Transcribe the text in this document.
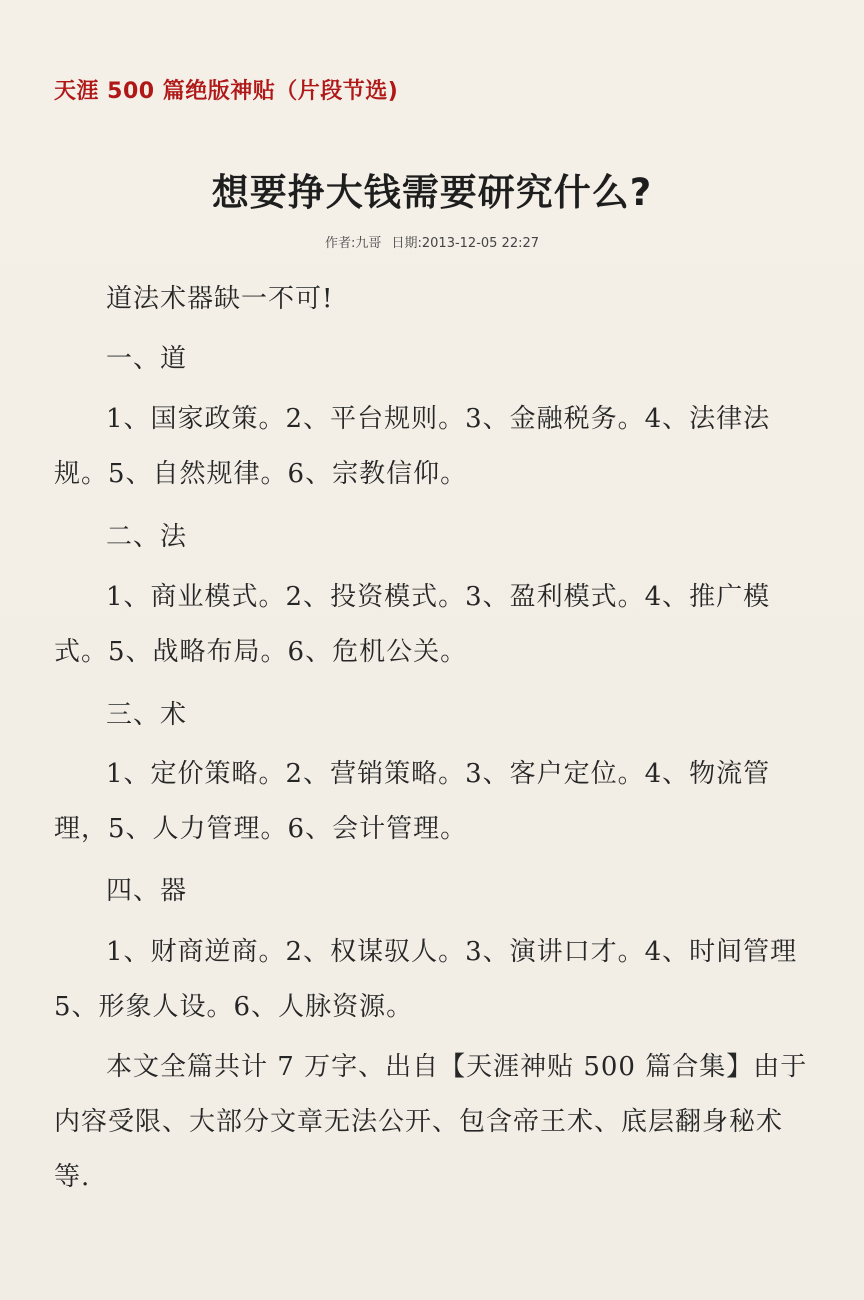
天涯 500 篇绝版神贴（片段节选)
想要挣大钱需要研究什么?
作者:九哥 日期:2013-12-05 22:27

道法术器缺一不可!

一、道

1、国家政策。2、平台规则。3、金融税务。4、法律法规。5、自然规律。6、宗教信仰。

二、法

1、商业模式。2、投资模式。3、盈利模式。4、推广模式。5、战略布局。6、危机公关。

三、术

1、定价策略。2、营销策略。3、客户定位。4、物流管理，5、人力管理。6、会计管理。

四、器

1、财商逆商。2、权谋驭人。3、演讲口才。4、时间管理 5、形象人设。6、人脉资源。

本文全篇共计 7 万字、出自【天涯神贴 500 篇合集】由于内容受限、大部分文章无法公开、包含帝王术、底层翻身秘术等.
